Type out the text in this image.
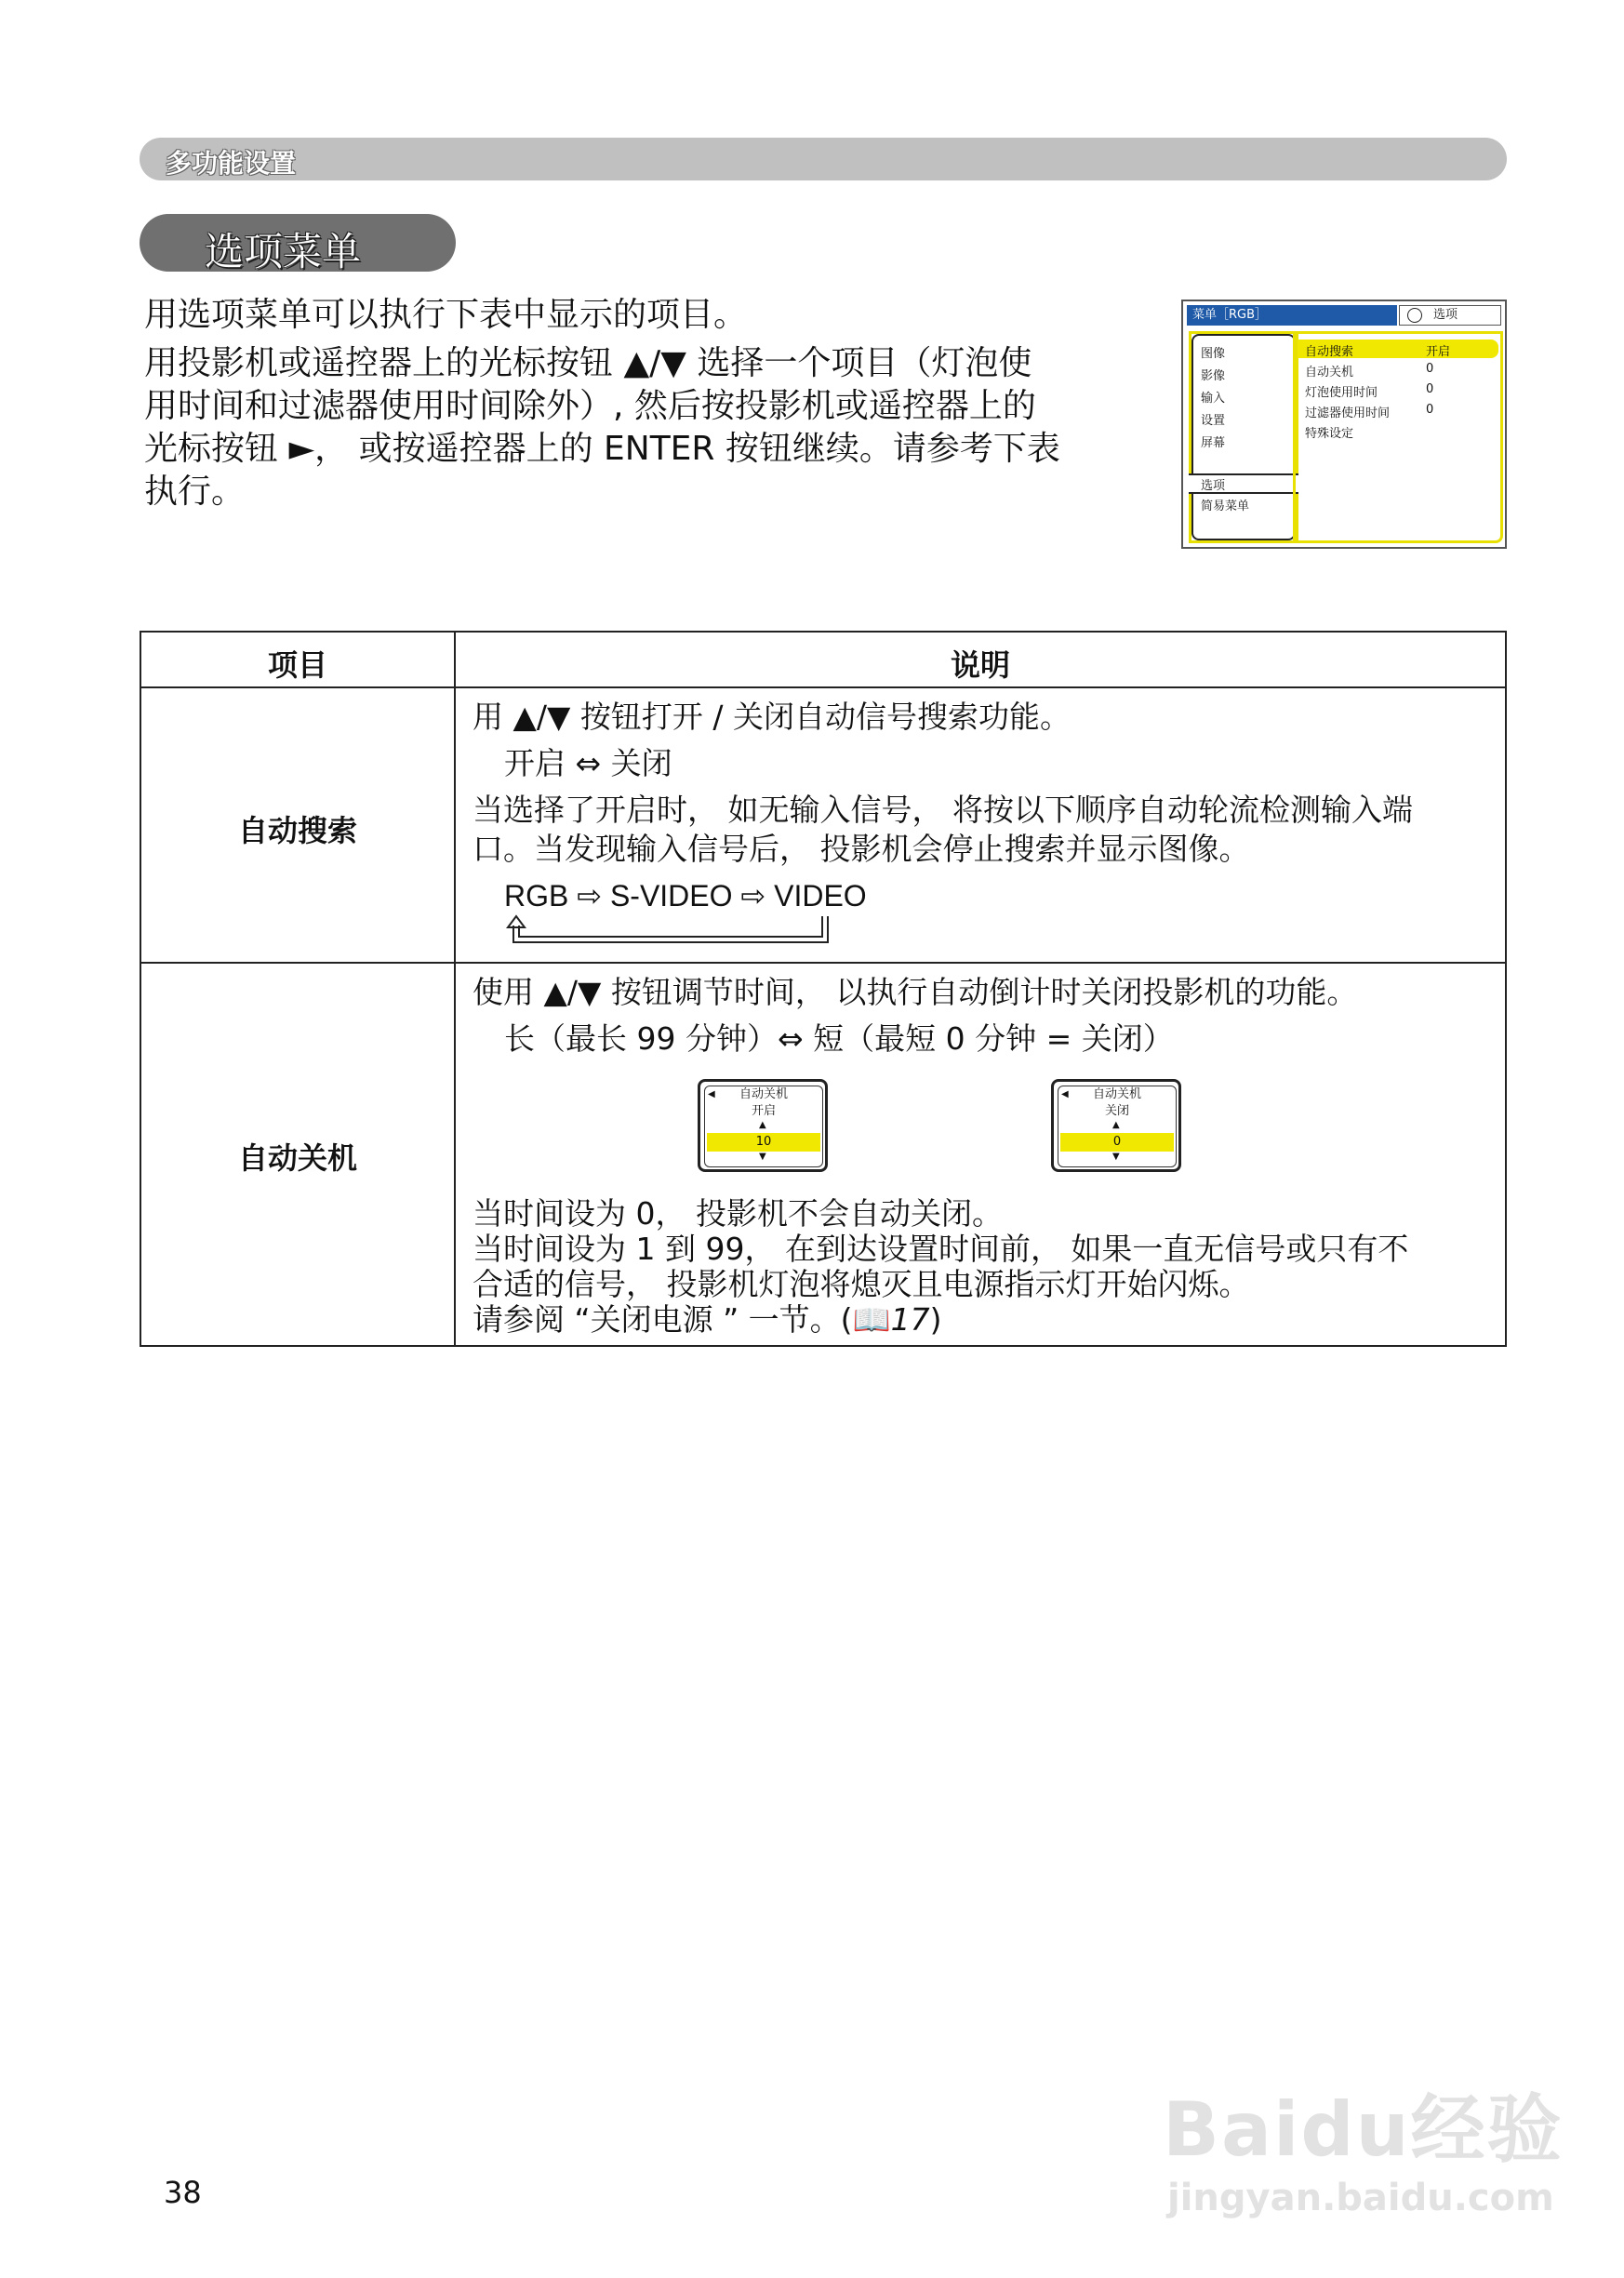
多功能设置
选项菜单

用选项菜单可以执行下表中显示的项目。

用投影机或遥控器上的光标按钮 ▲/▼ 选择一个项目（灯泡使
用时间和过滤器使用时间除外）, 然后按投影机或遥控器上的
光标按钮 ►， 或按遥控器上的 ENTER 按钮继续。请参考下表
执行。
菜单［RGB］	选项
图像
影像
输入
设置
屏幕
选项
简易菜单
自动搜索	开启
自动关机	0
灯泡使用时间	0
过滤器使用时间	0
特殊设定
项目	说明
自动搜索
用 ▲/▼ 按钮打开 / 关闭自动信号搜索功能。
开启 ⇔ 关闭
当选择了开启时， 如无输入信号， 将按以下顺序自动轮流检测输入端
口。当发现输入信号后， 投影机会停止搜索并显示图像。
RGB ⇨ S-VIDEO ⇨ VIDEO
自动关机
使用 ▲/▼ 按钮调节时间， 以执行自动倒计时关闭投影机的功能。
长（最长 99 分钟）⇔ 短（最短 0 分钟 = 关闭）
◀	自动关机
开启
▲
10
▼
◀	自动关机
关闭
▲
0
▼
当时间设为 0， 投影机不会自动关闭。
当时间设为 1 到 99， 在到达设置时间前， 如果一直无信号或只有不
合适的信号， 投影机灯泡将熄灭且电源指示灯开始闪烁。
请参阅 “关闭电源 ” 一节。(📖17)
38
Baidu经验
jingyan.baidu.com
